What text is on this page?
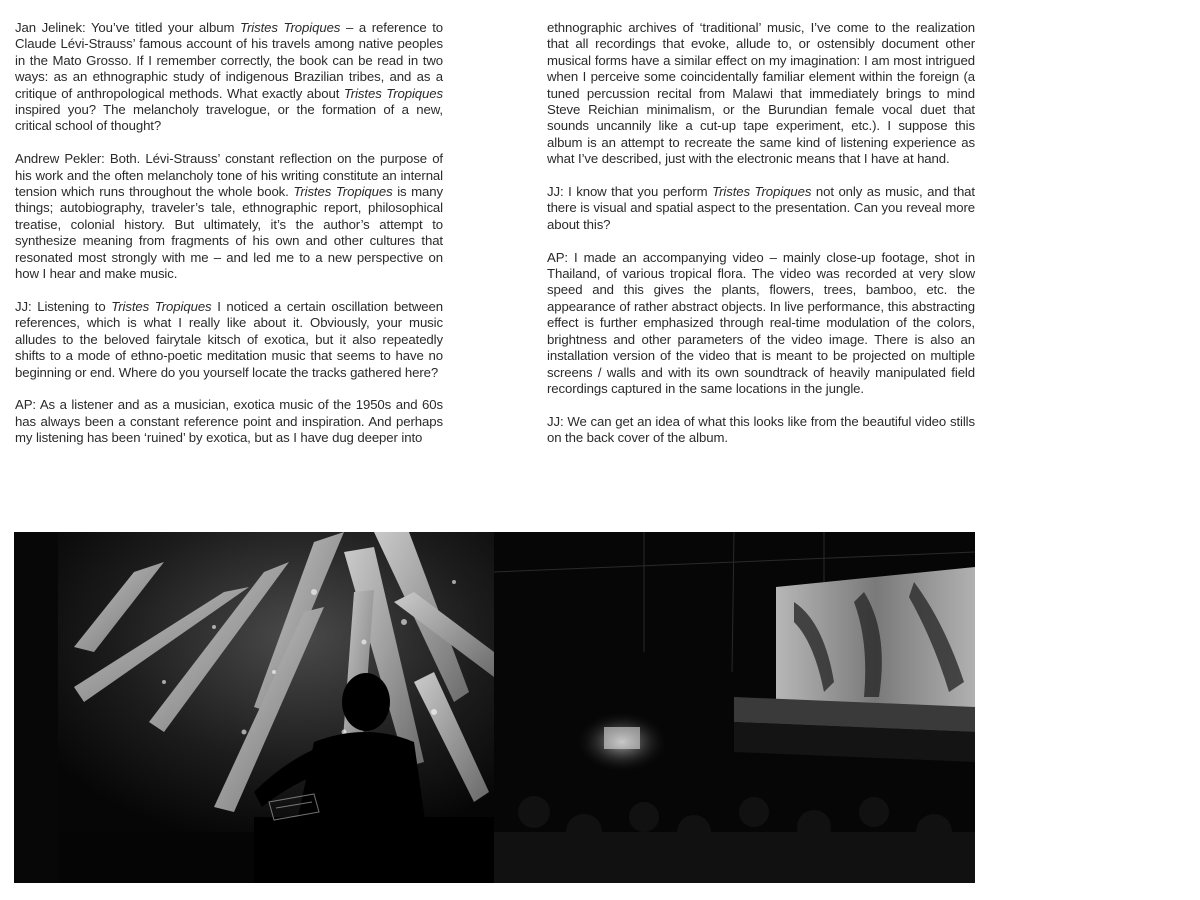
Jan Jelinek: You’ve titled your album Tristes Tropiques – a reference to Claude Lévi-Strauss’ famous account of his travels among native peoples in the Mato Grosso. If I remember correctly, the book can be read in two ways: as an ethnographic study of indigenous Brazilian tribes, and as a critique of anthropological methods. What exactly about Tristes Tropiques inspired you? The melancholy travelogue, or the formation of a new, critical school of thought?

Andrew Pekler: Both. Lévi-Strauss’ constant reflection on the purpose of his work and the often melancholy tone of his writing constitute an internal tension which runs throughout the whole book. Tristes Tropiques is many things; autobiography, traveler’s tale, ethnographic report, philosophical treatise, colonial history. But ultimately, it’s the author’s attempt to synthesize meaning from fragments of his own and other cultures that resonated most strongly with me – and led me to a new perspective on how I hear and make music.

JJ: Listening to Tristes Tropiques I noticed a certain oscillation between references, which is what I really like about it. Obviously, your music alludes to the beloved fairytale kitsch of exotica, but it also repeatedly shifts to a mode of ethno-poetic meditation music that seems to have no beginning or end. Where do you yourself locate the tracks gathered here?

AP: As a listener and as a musician, exotica music of the 1950s and 60s has always been a constant reference point and inspiration. And perhaps my listening has been ‘ruined’ by exotica, but as I have dug deeper into

ethnographic archives of ‘traditional’ music, I’ve come to the realization that all recordings that evoke, allude to, or ostensibly document other musical forms have a similar effect on my imagination: I am most intrigued when I perceive some coincidentally familiar element within the foreign (a tuned percussion recital from Malawi that immediately brings to mind Steve Reichian minimalism, or the Burundian female vocal duet that sounds uncannily like a cut-up tape experiment, etc.). I suppose this album is an attempt to recreate the same kind of listening experience as what I’ve described, just with the electronic means that I have at hand.

JJ: I know that you perform Tristes Tropiques not only as music, and that there is visual and spatial aspect to the presentation. Can you reveal more about this?

AP: I made an accompanying video – mainly close-up footage, shot in Thailand, of various tropical flora. The video was recorded at very slow speed and this gives the plants, flowers, trees, bamboo, etc. the appearance of rather abstract objects. In live performance, this abstracting effect is further emphasized through real-time modulation of the colors, brightness and other parameters of the video image. There is also an installation version of the video that is meant to be projected on multiple screens / walls and with its own soundtrack of heavily manipulated field recordings captured in the same locations in the jungle.

JJ: We can get an idea of what this looks like from the beautiful video stills on the back cover of the album.
